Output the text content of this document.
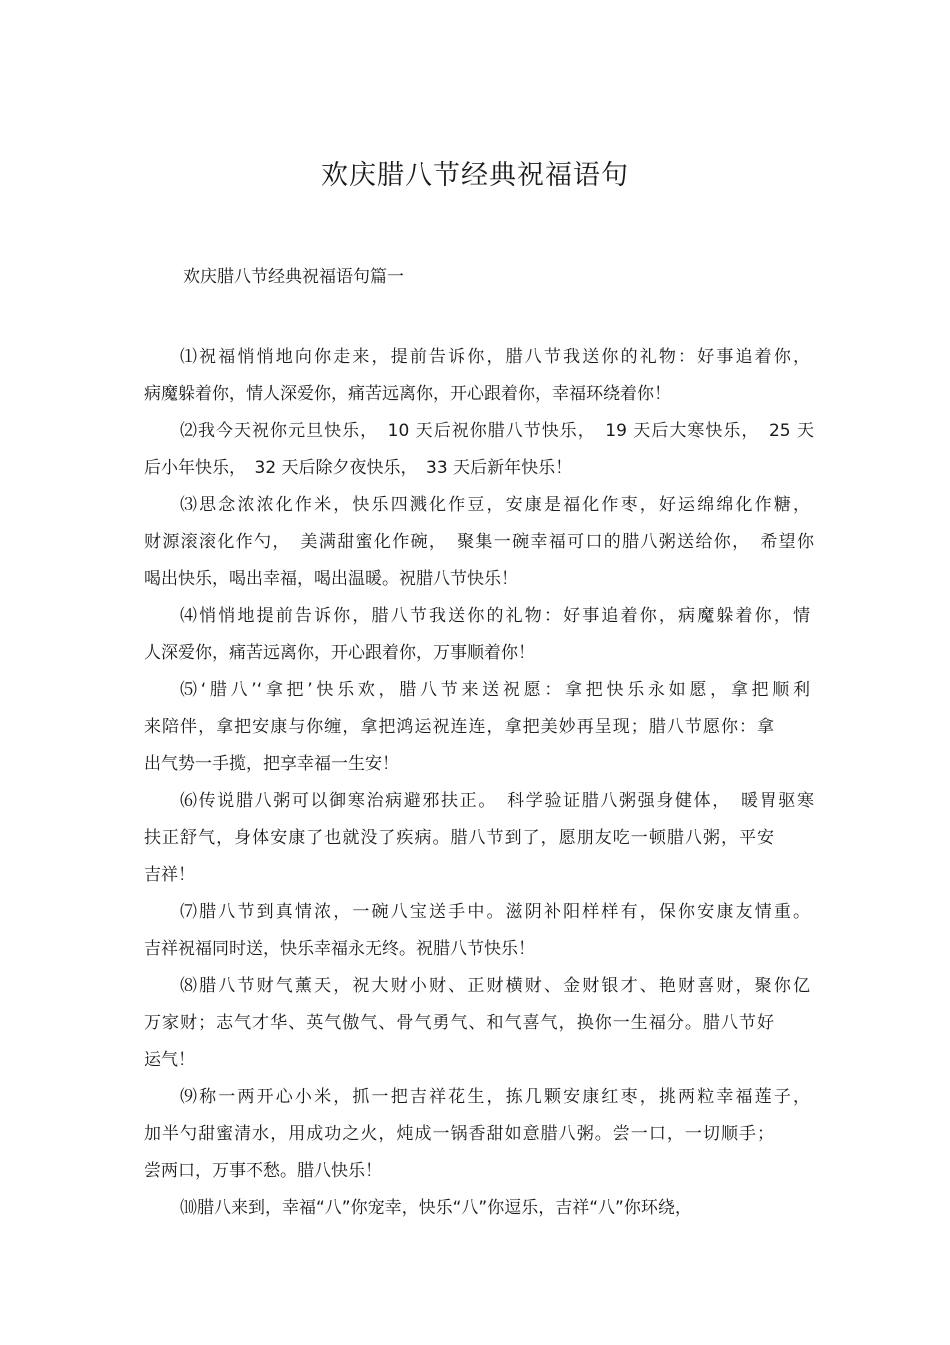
欢庆腊八节经典祝福语句
欢庆腊八节经典祝福语句篇一
⑴祝福悄悄地向你走来，提前告诉你，腊八节我送你的礼物：好事追着你，
病魔躲着你，情人深爱你，痛苦远离你，开心跟着你，幸福环绕着你！
⑵我今天祝你元旦快乐，　10 天后祝你腊八节快乐，　19 天后大寒快乐，　25 天
后小年快乐，　32 天后除夕夜快乐，　33 天后新年快乐！
⑶思念浓浓化作米，快乐四溅化作豆，安康是福化作枣，好运绵绵化作糖，
财源滚滚化作勺，　美满甜蜜化作碗，　聚集一碗幸福可口的腊八粥送给你，　希望你
喝出快乐，喝出幸福，喝出温暖。祝腊八节快乐！
⑷悄悄地提前告诉你，腊八节我送你的礼物：好事追着你，病魔躲着你，情
人深爱你，痛苦远离你，开心跟着你，万事顺着你！
⑸‘腊八’‘拿把’快乐欢，腊八节来送祝愿：拿把快乐永如愿，拿把顺利
来陪伴，拿把安康与你缠，拿把鸿运祝连连，拿把美妙再呈现；腊八节愿你：拿
出气势一手揽，把享幸福一生安！
⑹传说腊八粥可以御寒治病避邪扶正。　科学验证腊八粥强身健体，　暖胃驱寒
扶正舒气，身体安康了也就没了疾病。腊八节到了，愿朋友吃一顿腊八粥，平安
吉祥！
⑺腊八节到真情浓，一碗八宝送手中。滋阴补阳样样有，保你安康友情重。
吉祥祝福同时送，快乐幸福永无终。祝腊八节快乐！
⑻腊八节财气薰天，祝大财小财、正财横财、金财银才、艳财喜财，聚你亿
万家财；志气才华、英气傲气、骨气勇气、和气喜气，换你一生福分。腊八节好
运气！
⑼称一两开心小米，抓一把吉祥花生，拣几颗安康红枣，挑两粒幸福莲子，
加半勺甜蜜清水，用成功之火，炖成一锅香甜如意腊八粥。尝一口，一切顺手；
尝两口，万事不愁。腊八快乐！
⑽腊八来到，幸福“八”你宠幸，快乐“八”你逗乐，吉祥“八”你环绕，
